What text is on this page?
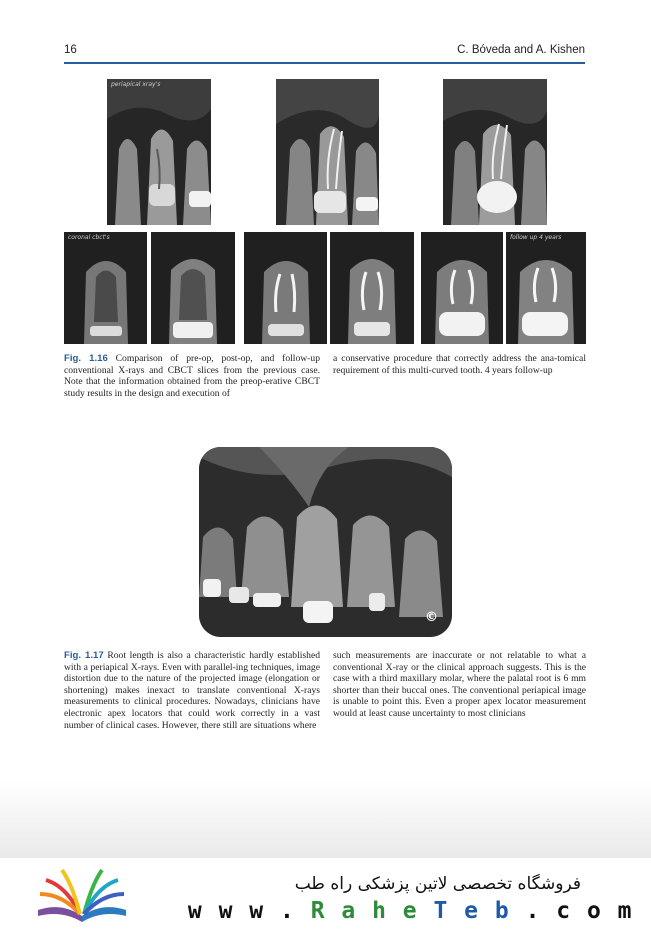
16	C. Bóveda and A. Kishen
periapical xray's
coronal cbct's	follow up 4 years
Fig. 1.16 Comparison of pre-op, post-op, and follow-up conventional X-rays and CBCT slices from the previous case. Note that the information obtained from the preop-erative CBCT study results in the design and execution of
a conservative procedure that correctly address the ana-tomical requirement of this multi-curved tooth. 4 years follow-up
©
Fig. 1.17 Root length is also a characteristic hardly established with a periapical X-rays. Even with parallel-ing techniques, image distortion due to the nature of the projected image (elongation or shortening) makes inexact to translate conventional X-rays measurements to clinical procedures. Nowadays, clinicians have electronic apex locators that could work correctly in a vast number of clinical cases. However, there still are situations where
such measurements are inaccurate or not relatable to what a conventional X-ray or the clinical approach suggests. This is the case with a third maxillary molar, where the palatal root is 6 mm shorter than their buccal ones. The conventional periapical image is unable to point this. Even a proper apex locator measurement would at least cause uncertainty to most clinicians
فروشگاه تخصصی لاتین پزشکی راه طب
w w w . R a h e T e b . c o m
